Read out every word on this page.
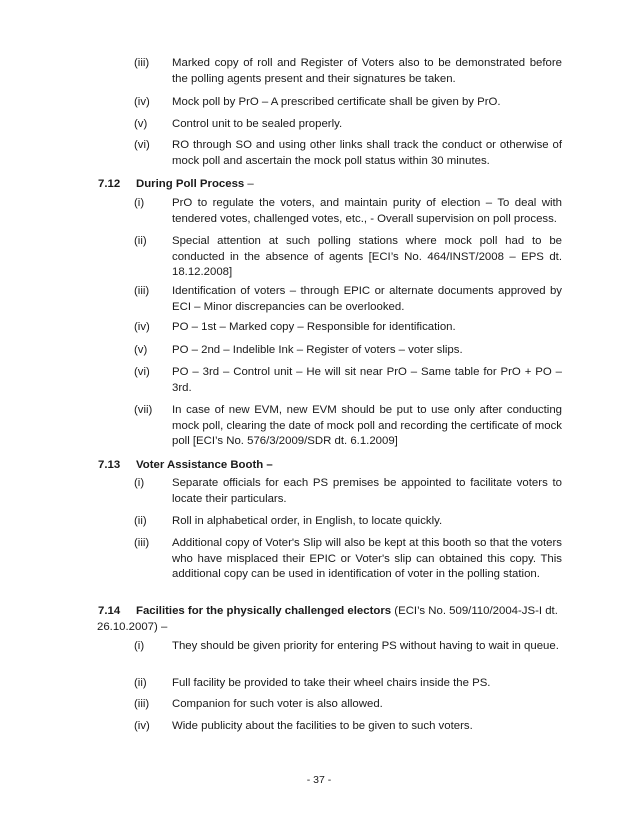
(iii)	Marked copy of roll and Register of Voters also to be demonstrated before the polling agents present and their signatures be taken.
(iv)	Mock poll by PrO – A prescribed certificate shall be given by PrO.
(v)	Control unit to be sealed properly.
(vi)	RO through SO and using other links shall track the conduct or otherwise of mock poll and ascertain the mock poll status within 30 minutes.
7.12 During Poll Process –
(i)	PrO to regulate the voters, and maintain purity of election – To deal with tendered votes, challenged votes, etc., - Overall supervision on poll process.
(ii)	Special attention at such polling stations where mock poll had to be conducted in the absence of agents [ECI’s No. 464/INST/2008 – EPS dt. 18.12.2008]
(iii)	Identification of voters – through EPIC or alternate documents approved by ECI – Minor discrepancies can be overlooked.
(iv)	PO – 1st – Marked copy – Responsible for identification.
(v)	PO – 2nd – Indelible Ink – Register of voters – voter slips.
(vi)	PO – 3rd – Control unit – He will sit near PrO – Same table for PrO + PO – 3rd.
(vii)	In case of new EVM, new EVM should be put to use only after conducting mock poll, clearing the date of mock poll and recording the certificate of mock poll [ECI’s No. 576/3/2009/SDR dt. 6.1.2009]
7.13 Voter Assistance Booth –
(i)	Separate officials for each PS premises be appointed to facilitate voters to locate their particulars.
(ii)	Roll in alphabetical order, in English, to locate quickly.
(iii)	Additional copy of Voter's Slip will also be kept at this booth so that the voters who have misplaced their EPIC or Voter's slip can obtained this copy. This additional copy can be used in identification of voter in the polling station.
7.14 Facilities for the physically challenged electors (ECI’s No. 509/110/2004-JS-I dt.
26.10.2007) –
(i)	They should be given priority for entering PS without having to wait in queue.
(ii)	Full facility be provided to take their wheel chairs inside the PS.
(iii)	Companion for such voter is also allowed.
(iv)	Wide publicity about the facilities to be given to such voters.
- 37 -
